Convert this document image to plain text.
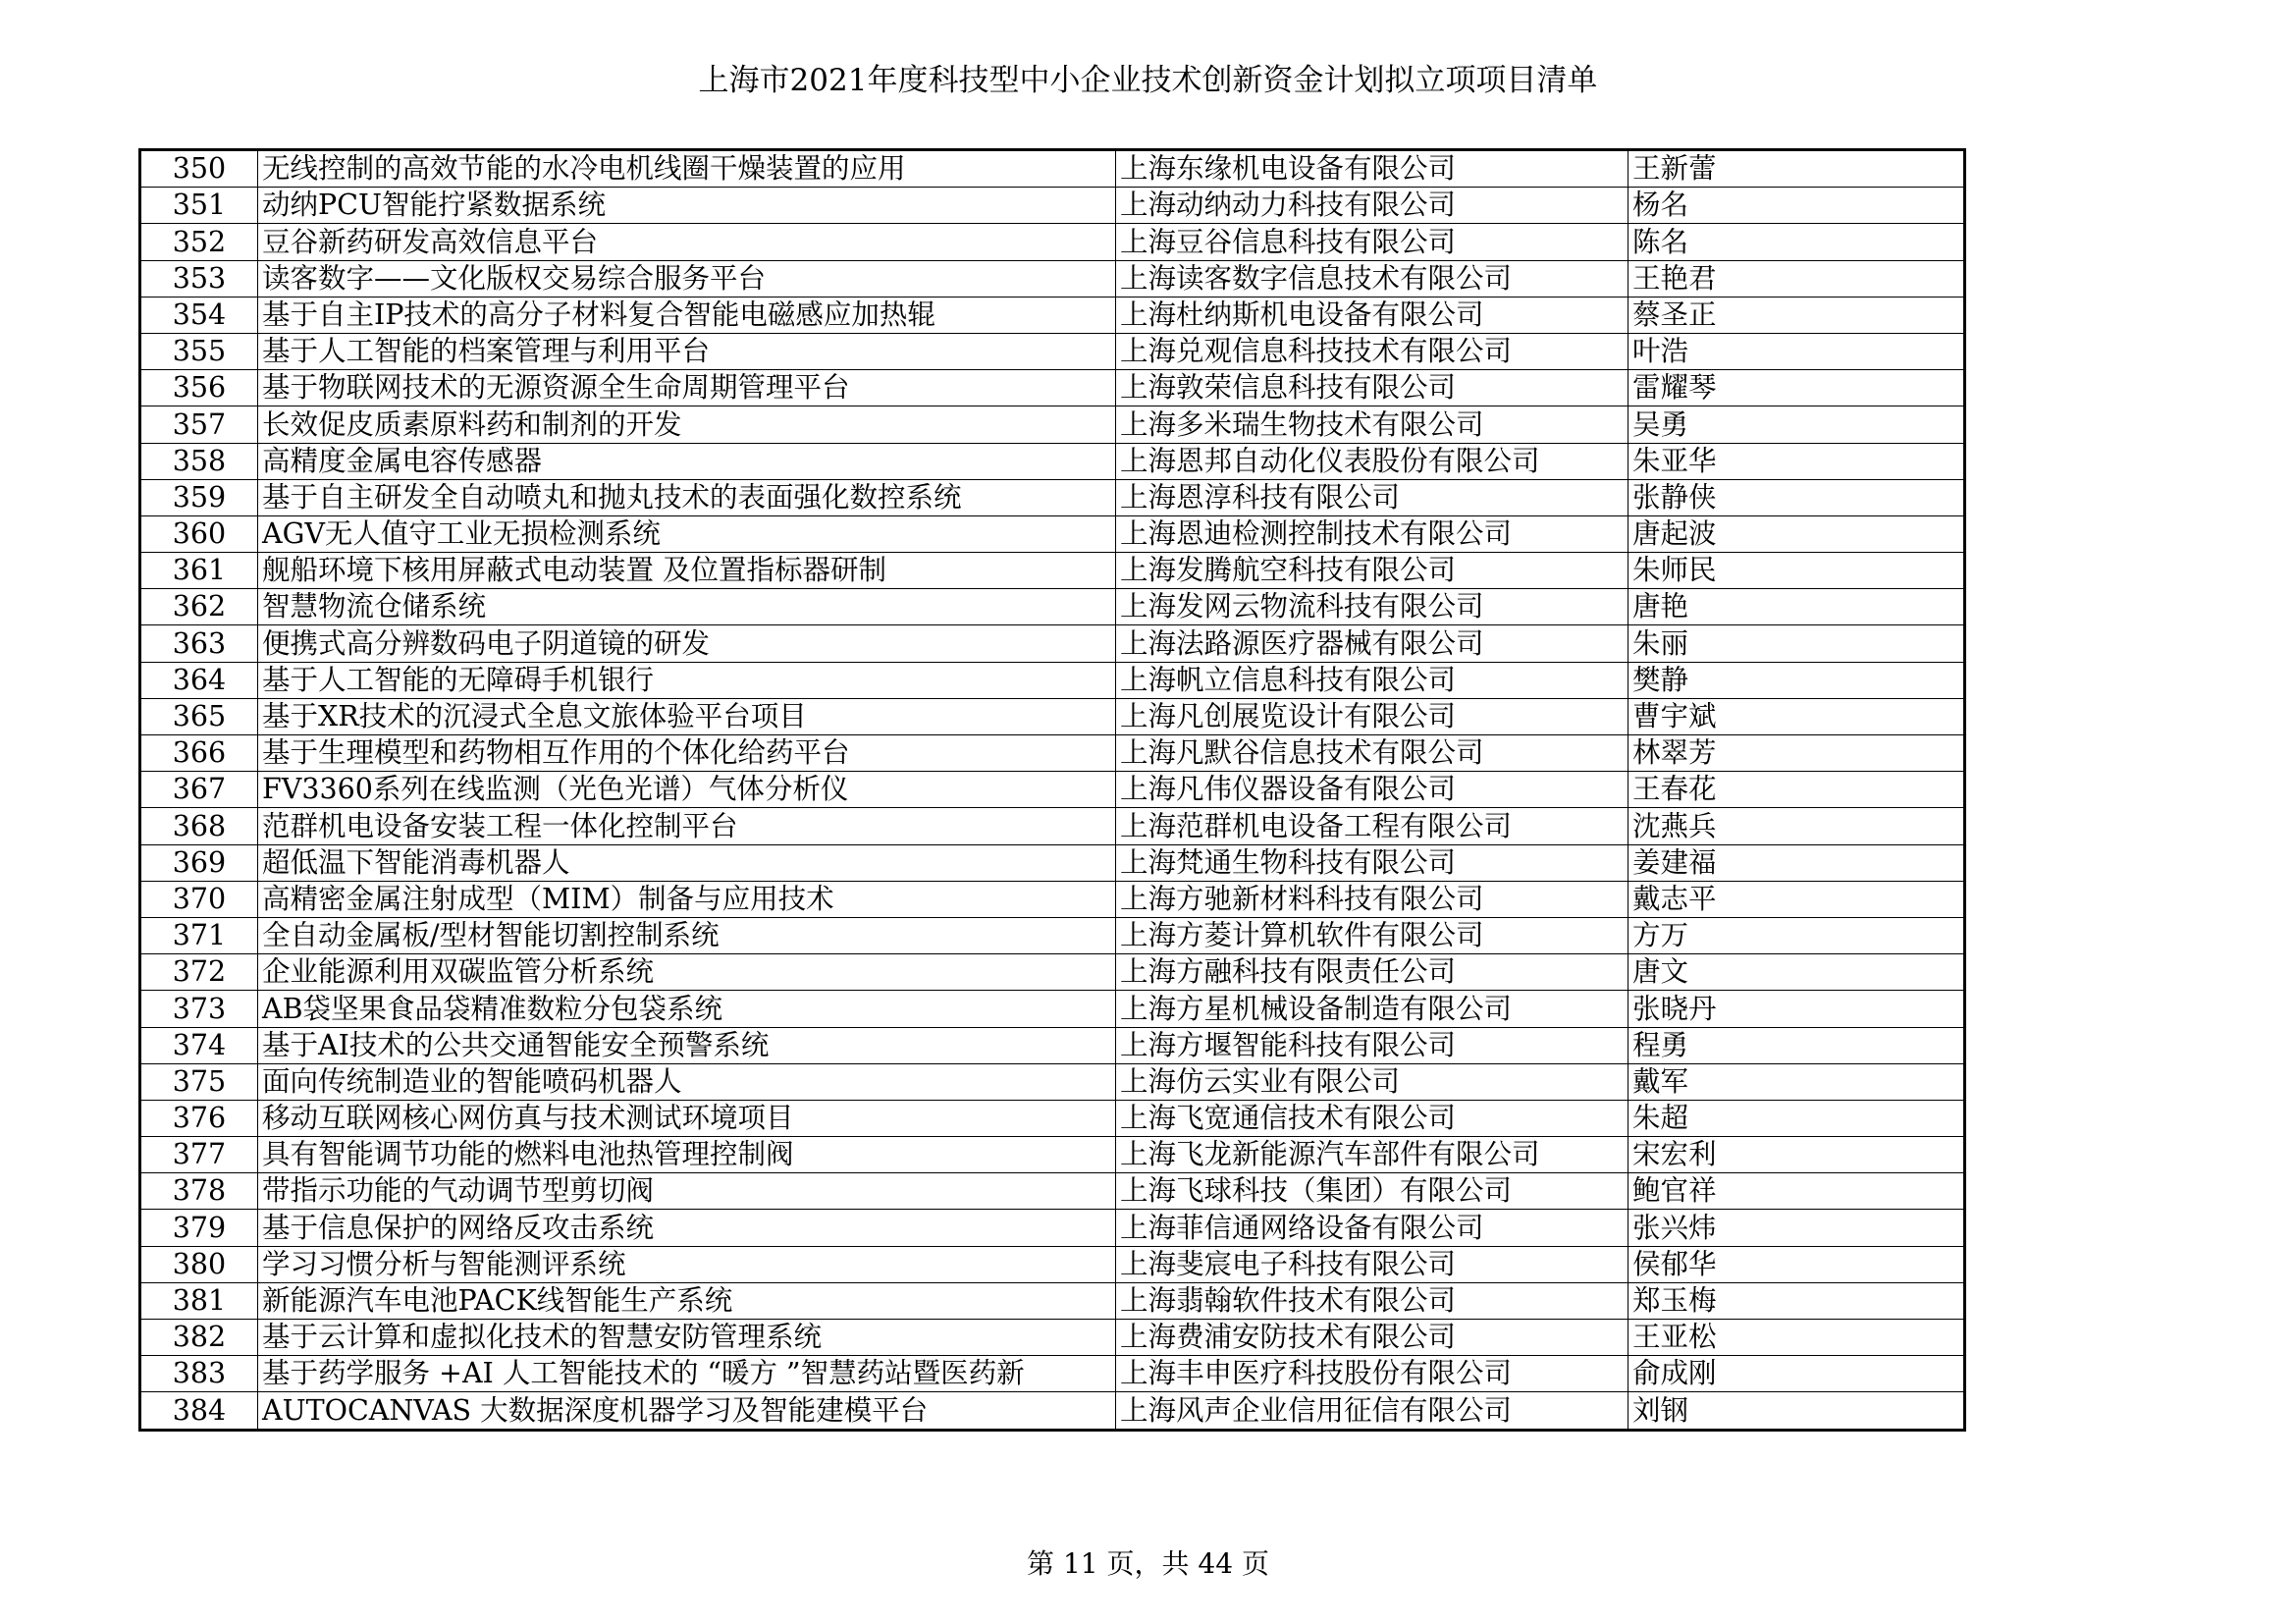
上海市2021年度科技型中小企业技术创新资金计划拟立项项目清单
350	无线控制的高效节能的水冷电机线圈干燥装置的应用	上海东缘机电设备有限公司	王新蕾
351	动纳PCU智能拧紧数据系统	上海动纳动力科技有限公司	杨名
352	豆谷新药研发高效信息平台	上海豆谷信息科技有限公司	陈名
353	读客数字——文化版权交易综合服务平台	上海读客数字信息技术有限公司	王艳君
354	基于自主IP技术的高分子材料复合智能电磁感应加热辊	上海杜纳斯机电设备有限公司	蔡圣正
355	基于人工智能的档案管理与利用平台	上海兑观信息科技技术有限公司	叶浩
356	基于物联网技术的无源资源全生命周期管理平台	上海敦荣信息科技有限公司	雷耀琴
357	长效促皮质素原料药和制剂的开发	上海多米瑞生物技术有限公司	吴勇
358	高精度金属电容传感器	上海恩邦自动化仪表股份有限公司	朱亚华
359	基于自主研发全自动喷丸和抛丸技术的表面强化数控系统	上海恩淳科技有限公司	张静侠
360	AGV无人值守工业无损检测系统	上海恩迪检测控制技术有限公司	唐起波
361	舰船环境下核用屏蔽式电动装置 及位置指标器研制	上海发腾航空科技有限公司	朱师民
362	智慧物流仓储系统	上海发网云物流科技有限公司	唐艳
363	便携式高分辨数码电子阴道镜的研发	上海法路源医疗器械有限公司	朱丽
364	基于人工智能的无障碍手机银行	上海帆立信息科技有限公司	樊静
365	基于XR技术的沉浸式全息文旅体验平台项目	上海凡创展览设计有限公司	曹宇斌
366	基于生理模型和药物相互作用的个体化给药平台	上海凡默谷信息技术有限公司	林翠芳
367	FV3360系列在线监测（光色光谱）气体分析仪	上海凡伟仪器设备有限公司	王春花
368	范群机电设备安装工程一体化控制平台	上海范群机电设备工程有限公司	沈燕兵
369	超低温下智能消毒机器人	上海梵通生物科技有限公司	姜建福
370	高精密金属注射成型（MIM）制备与应用技术	上海方驰新材料科技有限公司	戴志平
371	全自动金属板/型材智能切割控制系统	上海方菱计算机软件有限公司	方万
372	企业能源利用双碳监管分析系统	上海方融科技有限责任公司	唐文
373	AB袋坚果食品袋精准数粒分包袋系统	上海方星机械设备制造有限公司	张晓丹
374	基于AI技术的公共交通智能安全预警系统	上海方堰智能科技有限公司	程勇
375	面向传统制造业的智能喷码机器人	上海仿云实业有限公司	戴军
376	移动互联网核心网仿真与技术测试环境项目	上海飞宽通信技术有限公司	朱超
377	具有智能调节功能的燃料电池热管理控制阀	上海飞龙新能源汽车部件有限公司	宋宏利
378	带指示功能的气动调节型剪切阀	上海飞球科技（集团）有限公司	鲍官祥
379	基于信息保护的网络反攻击系统	上海菲信通网络设备有限公司	张兴炜
380	学习习惯分析与智能测评系统	上海斐宸电子科技有限公司	侯郁华
381	新能源汽车电池PACK线智能生产系统	上海翡翰软件技术有限公司	郑玉梅
382	基于云计算和虚拟化技术的智慧安防管理系统	上海费浦安防技术有限公司	王亚松
383	基于药学服务 +AI 人工智能技术的 “暖方 ”智慧药站暨医药新	上海丰申医疗科技股份有限公司	俞成刚
384	AUTOCANVAS 大数据深度机器学习及智能建模平台	上海风声企业信用征信有限公司	刘钢
第 11 页，共 44 页
